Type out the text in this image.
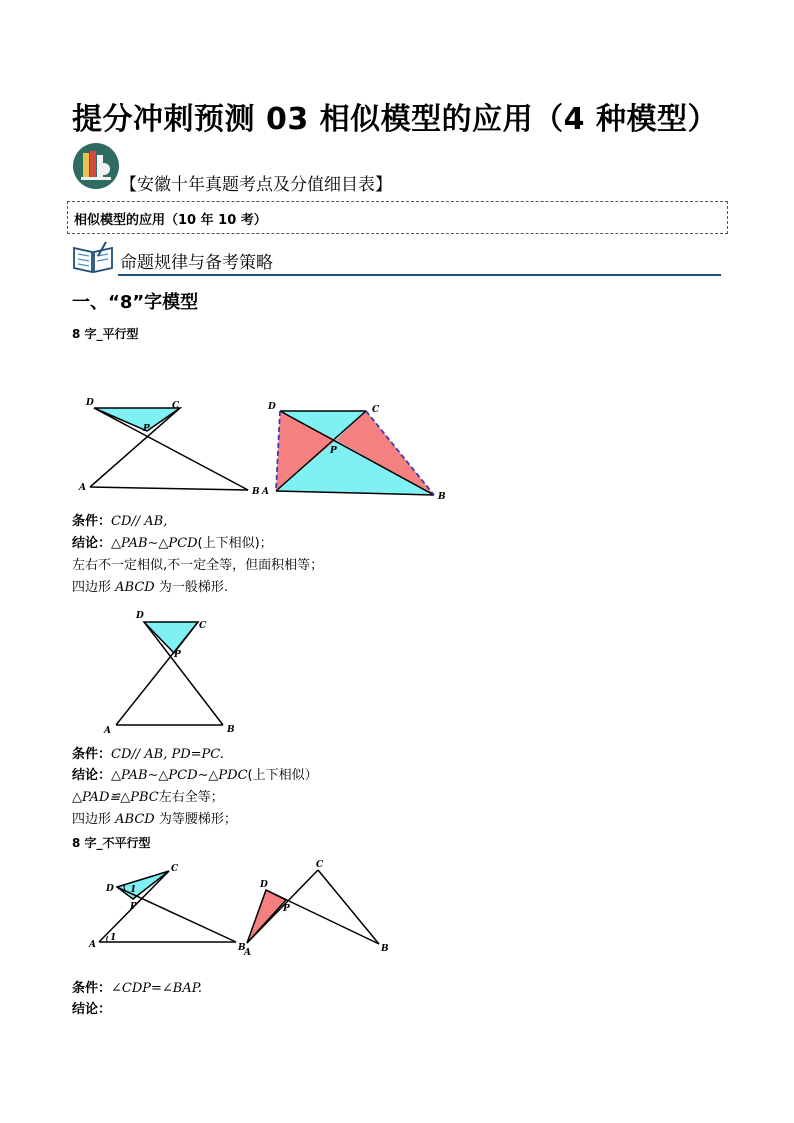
提分冲刺预测 03 相似模型的应用（4 种模型）
【安徽十年真题考点及分值细目表】
相似模型的应用（10 年 10 考）
命题规律与备考策略
一、“8”字模型
8 字_平行型
D	C
P
A	B
D	C
P
A	B
条件：CD// AB,
结论：△PAB∼△PCD(上下相似)；
左右不一定相似,不一定全等，但面积相等；
四边形 ABCD 为一般梯形.
D
C
P
A	B
条件：CD// AB, PD=PC.
结论：△PAB∼△PCD∼△PDC(上下相似）
△PAD≌△PBC左右全等；
四边形 ABCD 为等腰梯形；
8 字_不平行型
D
C
P
A	B
1
1
D
C
P
A	B
条件：∠CDP=∠BAP.
结论：
